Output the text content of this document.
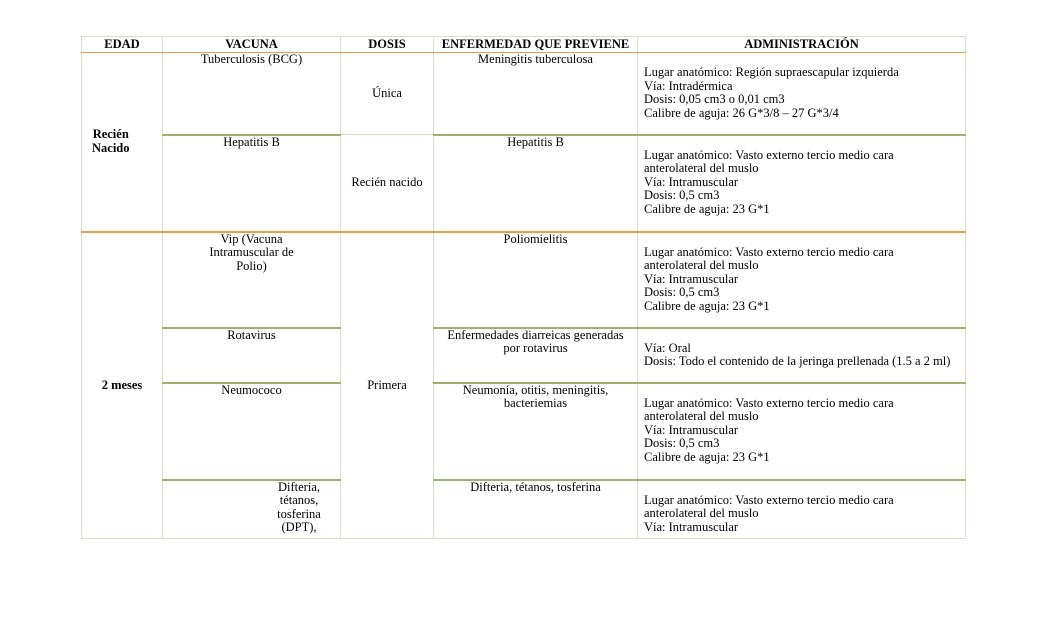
EDAD	VACUNA	DOSIS	ENFERMEDAD QUE PREVIENE	ADMINISTRACIÓN

Recién
Nacido	Tuberculosis (BCG)	Única	Meningitis tuberculosa	Lugar anatómico: Región supraescapular izquierda
Vía: Intradérmica
Dosis: 0,05 cm3 o 0,01 cm3
Calibre de aguja: 26 G*3/8 – 27 G*3/4

	Hepatitis B	Recién nacido	Hepatitis B	Lugar anatómico: Vasto externo tercio medio cara
anterolateral del muslo
Vía: Intramuscular
Dosis: 0,5 cm3
Calibre de aguja: 23 G*1

2 meses	Vip (Vacuna
Intramuscular de
Polio)	Primera	Poliomielitis	Lugar anatómico: Vasto externo tercio medio cara
anterolateral del muslo
Vía: Intramuscular
Dosis: 0,5 cm3
Calibre de aguja: 23 G*1

	Rotavirus		Enfermedades diarreicas generadas
por rotavirus	Vía: Oral
Dosis: Todo el contenido de la jeringa prellenada (1.5 a 2 ml)

	Neumococo		Neumonía, otitis, meningitis,
bacteriemias	Lugar anatómico: Vasto externo tercio medio cara
anterolateral del muslo
Vía: Intramuscular
Dosis: 0,5 cm3
Calibre de aguja: 23 G*1

	Difteria,
tétanos,
tosferina
(DPT),		Difteria, tétanos, tosferina	Lugar anatómico: Vasto externo tercio medio cara
anterolateral del muslo
Vía: Intramuscular
